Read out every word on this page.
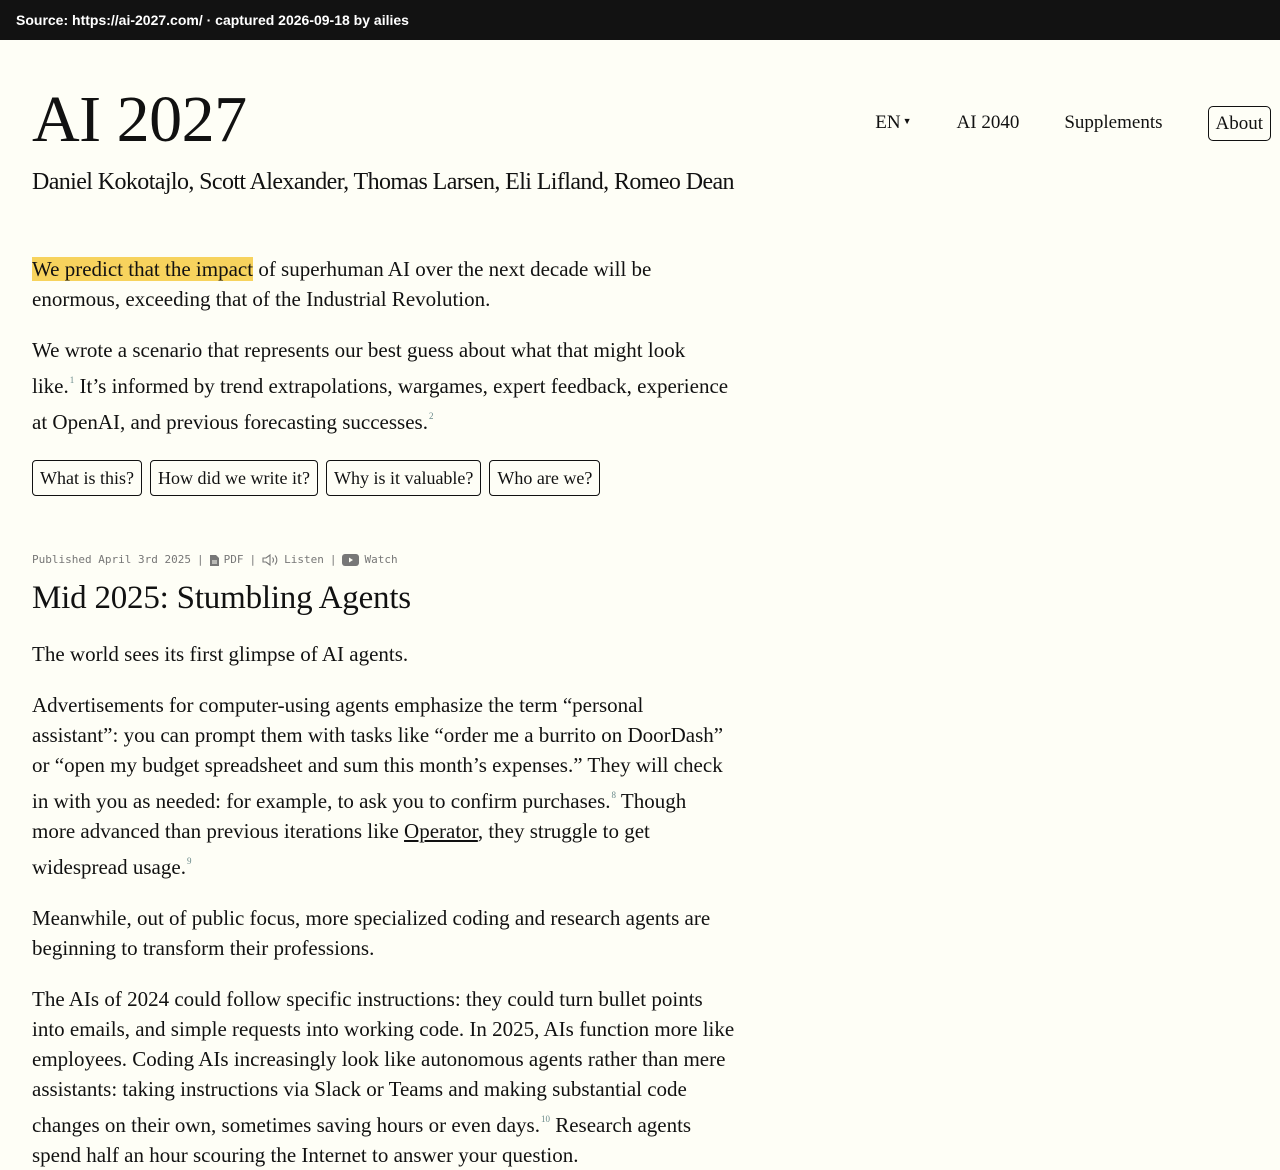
Source: https://ai-2027.com/ · captured 2026-09-18 by ailies
AI 2027

Daniel Kokotajlo, Scott Alexander, Thomas Larsen, Eli Lifland, Romeo Dean

EN ▼ AI 2040 Supplements	About

We predict that the impact of superhuman AI over the next decade will be enormous, exceeding that of the Industrial Revolution.

We wrote a scenario that represents our best guess about what that might look like.$^1$ It’s informed by trend extrapolations, wargames, expert feedback, experience at OpenAI, and previous forecasting successes.$^2$

What is this?	How did we write it?	Why is it valuable?	Who are we?
Published April 3rd 2025 |	PDF |	Listen |	Watch
Mid 2025: Stumbling Agents

The world sees its first glimpse of AI agents.

Advertisements for computer-using agents emphasize the term “personal assistant”: you can prompt them with tasks like “order me a burrito on DoorDash” or “open my budget spreadsheet and sum this month’s expenses.” They will check in with you as needed: for example, to ask you to confirm purchases.$^8$ Though more advanced than previous iterations like Operator, they struggle to get widespread usage.$^9$

Meanwhile, out of public focus, more specialized coding and research agents are beginning to transform their professions.

The AIs of 2024 could follow specific instructions: they could turn bullet points into emails, and simple requests into working code. In 2025, AIs function more like employees. Coding AIs increasingly look like autonomous agents rather than mere assistants: taking instructions via Slack or Teams and making substantial code changes on their own, sometimes saving hours or even days.$^{10}$ Research agents spend half an hour scouring the Internet to answer your question.
